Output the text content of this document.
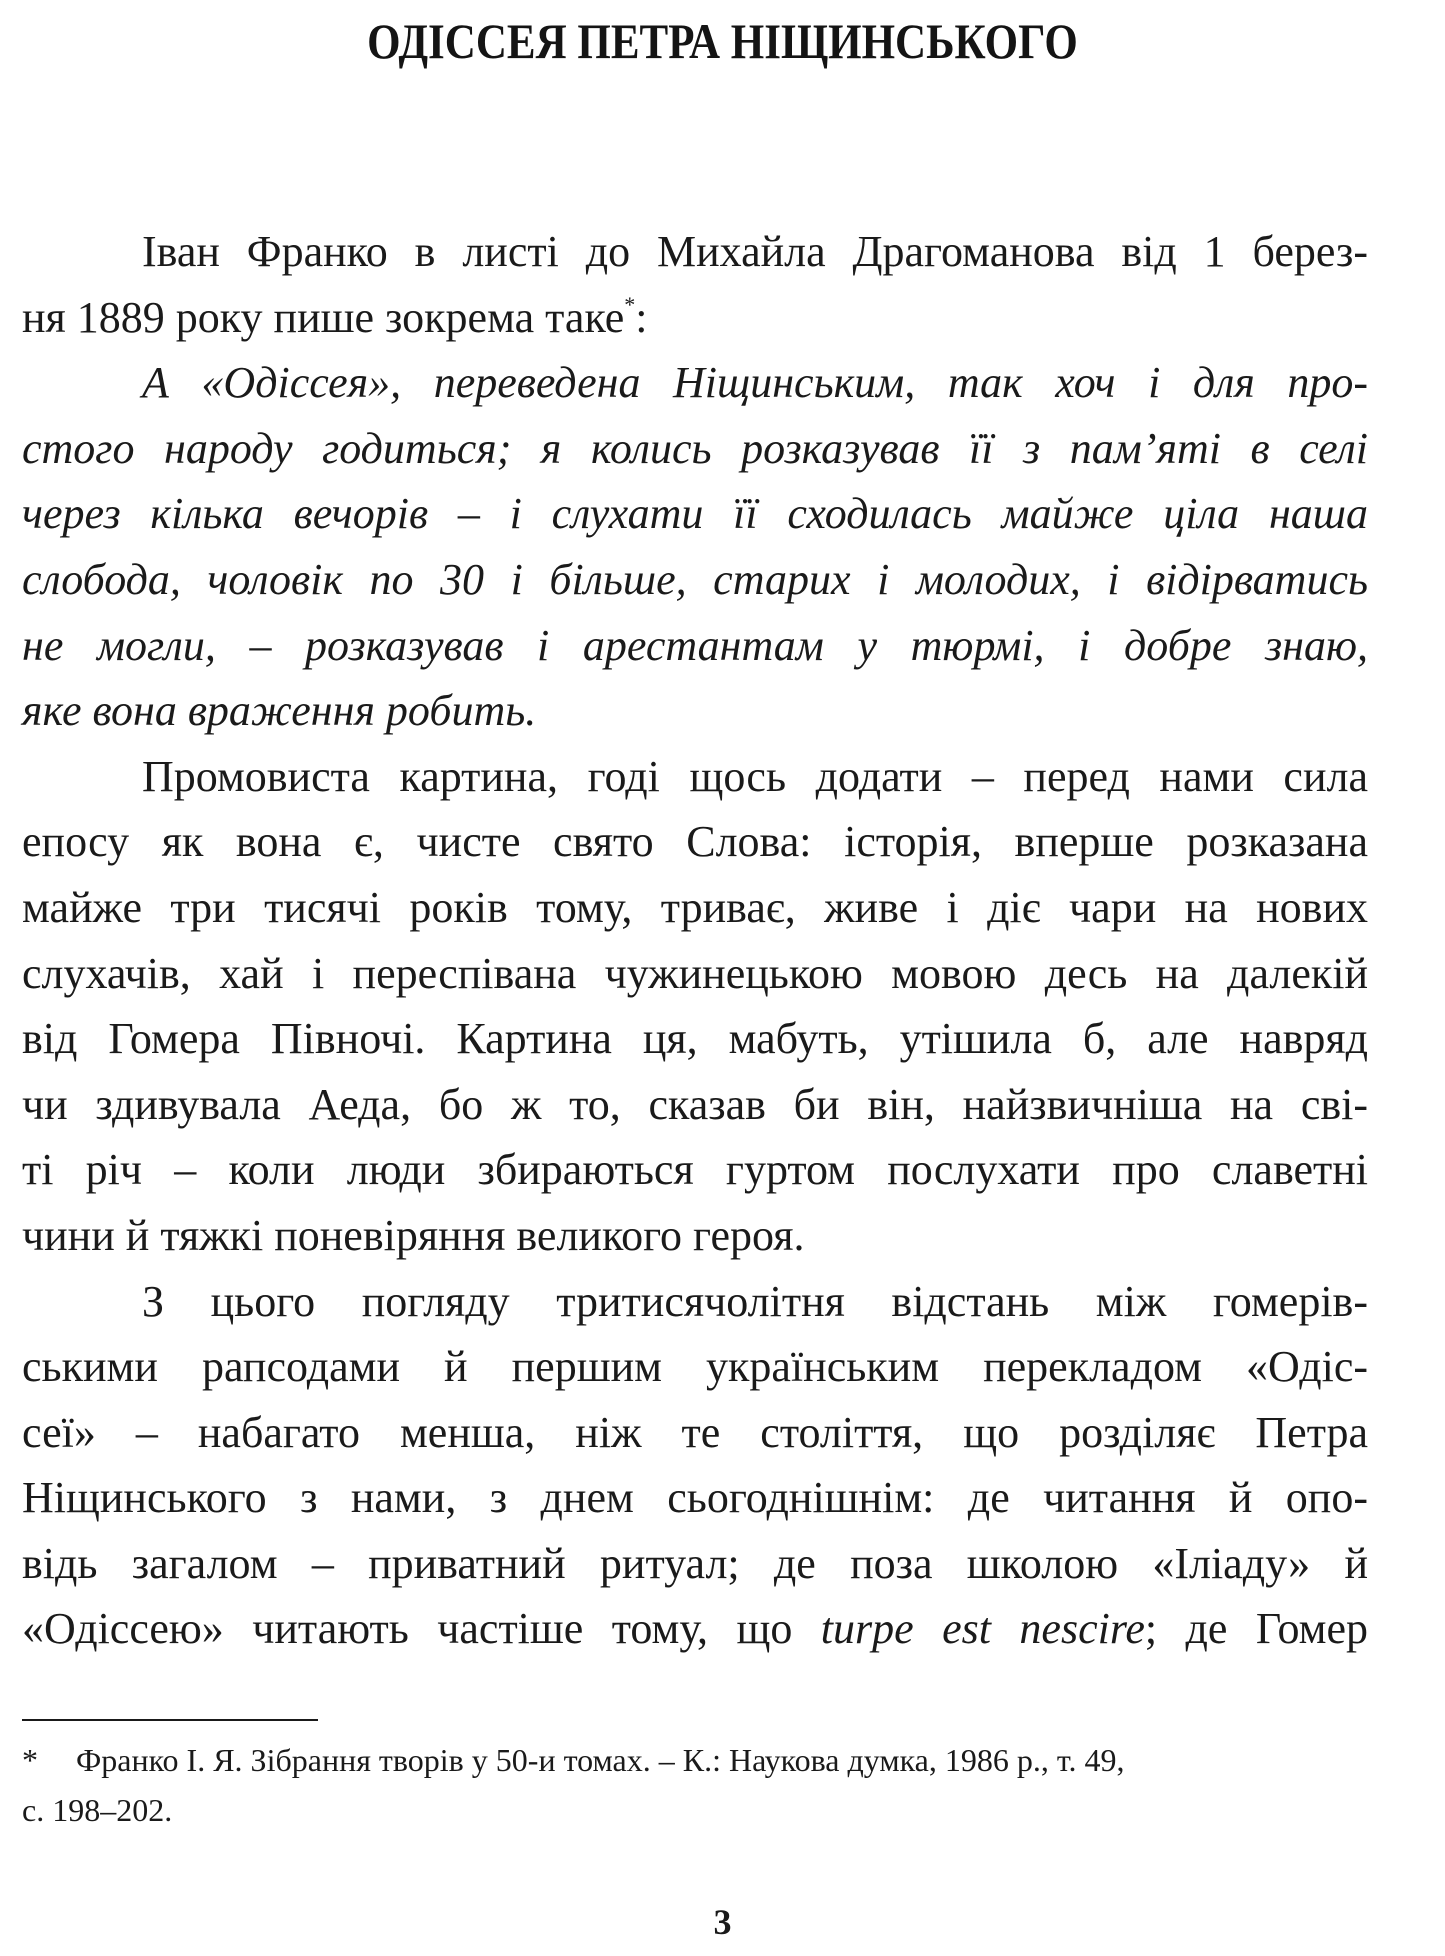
ОДІССЕЯ ПЕТРА НІЩИНСЬКОГО
Іван Франко в листі до Михайла Драгоманова від 1 берез-
ня 1889 року пише зокрема таке*:
А «Одіссея», переведена Ніщинським, так хоч і для про-
стого народу годиться; я колись розказував її з пам’яті в селі
через кілька вечорів – і слухати її сходилась майже ціла наша
слобода, чоловік по 30 і більше, старих і молодих, і відірватись
не могли, – розказував і арестантам у тюрмі, і добре знаю,
яке вона враження робить.
Промовиста картина, годі щось додати – перед нами сила
епосу як вона є, чисте свято Слова: історія, вперше розказана
майже три тисячі років тому, триває, живе і діє чари на нових
слухачів, хай і переспівана чужинецькою мовою десь на далекій
від Гомера Півночі. Картина ця, мабуть, утішила б, але навряд
чи здивувала Аеда, бо ж то, сказав би він, найзвичніша на сві-
ті річ – коли люди збираються гуртом послухати про славетні
чини й тяжкі поневіряння великого героя.
З цього погляду тритисячолітня відстань між гомерів-
ськими рапсодами й першим українським перекладом «Одіс-
сеї» – набагато менша, ніж те століття, що розділяє Петра
Ніщинського з нами, з днем сьогоднішнім: де читання й опо-
відь загалом – приватний ритуал; де поза школою «Іліаду» й
«Одіссею» читають частіше тому, що turpe est nescire; де Гомер
* Франко І. Я. Зібрання творів у 50-и томах. – К.: Наукова думка, 1986 р., т. 49,
с. 198–202.
3
